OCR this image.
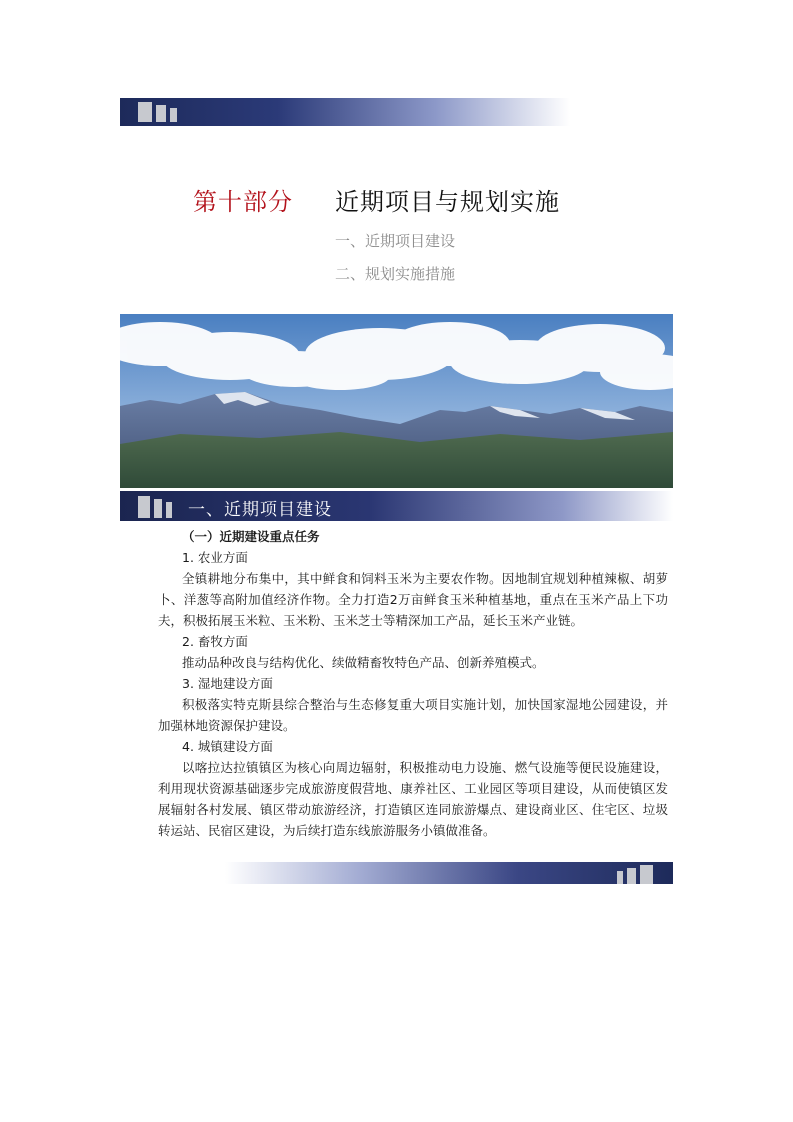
第十部分 近期项目与规划实施
一、近期项目建设
二、规划实施措施
一、近期项目建设
（一）近期建设重点任务
1. 农业方面
全镇耕地分布集中，其中鲜食和饲料玉米为主要农作物。因地制宜规划种植辣椒、胡萝卜、洋葱等高附加值经济作物。全力打造2万亩鲜食玉米种植基地，重点在玉米产品上下功夫，积极拓展玉米粒、玉米粉、玉米芝士等精深加工产品，延长玉米产业链。
2. 畜牧方面
推动品种改良与结构优化、续做精畜牧特色产品、创新养殖模式。
3. 湿地建设方面
积极落实特克斯县综合整治与生态修复重大项目实施计划，加快国家湿地公园建设，并加强林地资源保护建设。
4. 城镇建设方面
以喀拉达拉镇镇区为核心向周边辐射，积极推动电力设施、燃气设施等便民设施建设，利用现状资源基础逐步完成旅游度假营地、康养社区、工业园区等项目建设，从而使镇区发展辐射各村发展、镇区带动旅游经济，打造镇区连同旅游爆点、建设商业区、住宅区、垃圾转运站、民宿区建设，为后续打造东线旅游服务小镇做准备。
